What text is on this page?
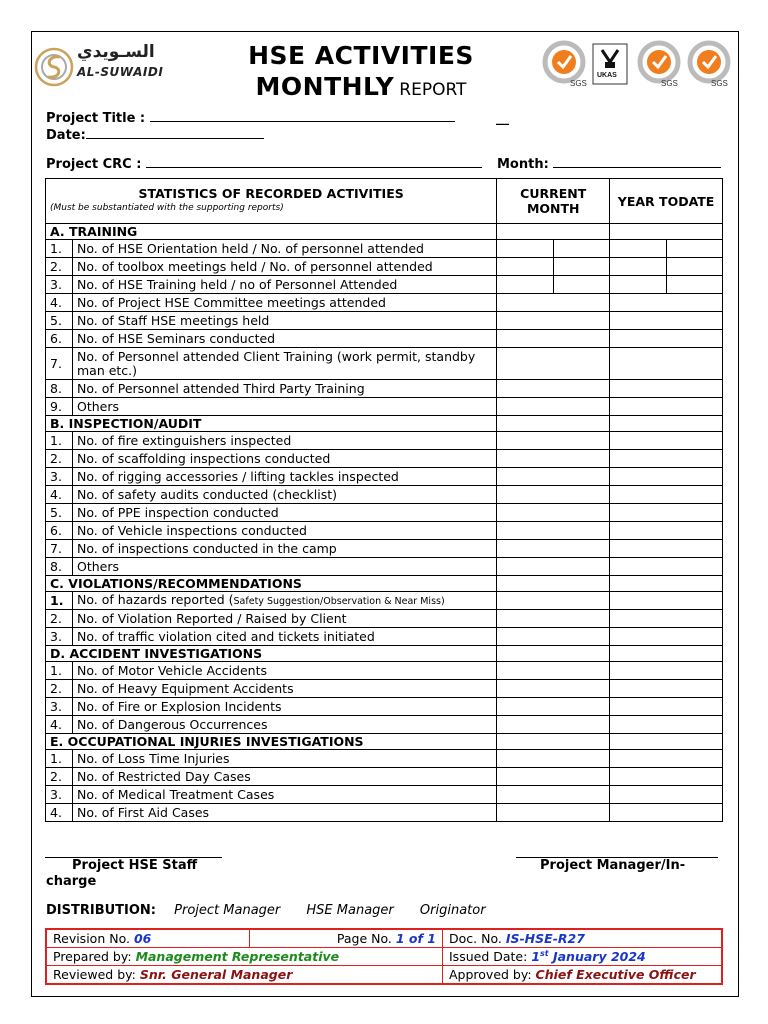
السـويدي
AL-SUWAIDI
HSE ACTIVITIES
MONTHLY REPORT	SGS
UKAS
SGS	SGS
Project Title :	__
Date:
Project CRC :	Month:
STATISTICS OF RECORDED ACTIVITIES
(Must be substantiated with the supporting reports)		CURRENT MONTH	YEAR TODATE
A. TRAINING			
1.	No. of HSE Orientation held / No. of personnel attended	

2.	No. of toolbox meetings held / No. of personnel attended	

3.	No. of HSE Training held / no of Personnel Attended	

4.	No. of Project HSE Committee meetings attended		
5.	No. of Staff HSE meetings held		
6.	No. of HSE Seminars conducted		
7.	No. of Personnel attended Client Training (work permit, standby man etc.)		
8.	No. of Personnel attended Third Party Training		
9.	Others		
B. INSPECTION/AUDIT			
1.	No. of fire extinguishers inspected		
2.	No. of scaffolding inspections conducted		
3.	No. of rigging accessories / lifting tackles inspected		
4.	No. of safety audits conducted (checklist)		
5.	No. of PPE inspection conducted		
6.	No. of Vehicle inspections conducted		
7.	No. of inspections conducted in the camp		
8.	Others		
C. VIOLATIONS/RECOMMENDATIONS			
1.	No. of hazards reported (Safety Suggestion/Observation & Near Miss)		
2.	No. of Violation Reported / Raised by Client		
3.	No. of traffic violation cited and tickets initiated		
D. ACCIDENT INVESTIGATIONS			
1.	No. of Motor Vehicle Accidents		
2.	No. of Heavy Equipment Accidents		
3.	No. of Fire or Explosion Incidents		
4.	No. of Dangerous Occurrences		
E. OCCUPATIONAL INJURIES INVESTIGATIONS			
1.	No. of Loss Time Injuries		
2.	No. of Restricted Day Cases		
3.	No. of Medical Treatment Cases		
4.	No. of First Aid Cases		
Project HSE Staff
charge
Project Manager/In-
DISTRIBUTION: Project Manager HSE Manager Originator
Revision No. 06	Page No. 1 of 1	Doc. No. IS-HSE-R27
Prepared by: Management Representative		Issued Date: 1st January 2024
Reviewed by: Snr. General Manager		Approved by: Chief Executive Officer
